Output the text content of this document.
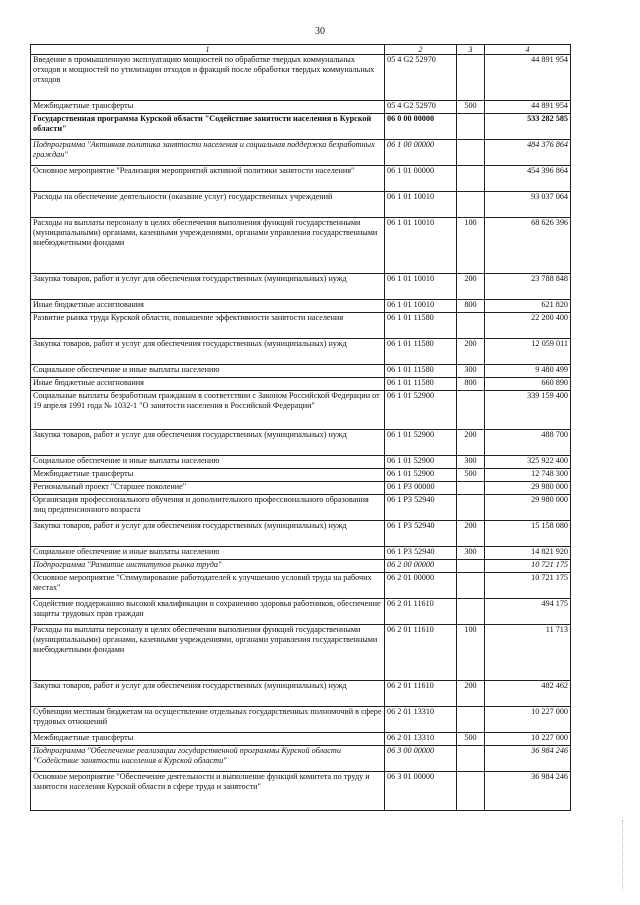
30
1	2	3	4
Введение в промышленную эксплуатацию мощностей по обработке твердых коммунальных отходов и мощностей по утилизации отходов и фракций после обработки твердых коммунальных отходов	05 4 G2 52970		44 891 954
Межбюджетные трансферты	05 4 G2 52970	500	44 891 954
Государственная программа Курской области "Содействие занятости населения в Курской области"	06 0 00 00000		533 282 585
Подпрограмма "Активная политика занятости населения и социальная поддержка безработных граждан"	06 1 00 00000		484 376 864
Основное мероприятие "Реализация мероприятий активной политики занятости населения"	06 1 01 00000		454 396 864
Расходы на обеспечение деятельности (оказание услуг) государственных учреждений	06 1 01 10010		93 037 064
Расходы на выплаты персоналу в целях обеспечения выполнения функций государственными (муниципальными) органами, казенными учреждениями, органами управления государственными внебюджетными фондами	06 1 01 10010	100	68 626 396
Закупка товаров, работ и услуг для обеспечения государственных (муниципальных) нужд	06 1 01 10010	200	23 788 848
Иные бюджетные ассигнования	06 1 01 10010	800	621 820
Развитие рынка труда Курской области, повышение эффективности занятости населения	06 1 01 11580		22 200 400
Закупка товаров, работ и услуг для обеспечения государственных (муниципальных) нужд	06 1 01 11580	200	12 059 011
Социальное обеспечение и иные выплаты населению	06 1 01 11580	300	9 480 499
Иные бюджетные ассигнования	06 1 01 11580	800	660 890
Социальные выплаты безработным гражданам в соответствии с Законом Российской Федерации от 19 апреля 1991 года № 1032-1 "О занятости населения в Российской Федерации"	06 1 01 52900		339 159 400
Закупка товаров, работ и услуг для обеспечения государственных (муниципальных) нужд	06 1 01 52900	200	488 700
Социальное обеспечение и иные выплаты населению	06 1 01 52900	300	325 922 400
Межбюджетные трансферты	06 1 01 52900	500	12 748 300
Региональный проект "Старшее поколение"	06 1 P3 00000		29 980 000
Организация профессионального обучения и дополнительного профессионального образования лиц предпенсионного возраста	06 1 P3 52940		29 980 000
Закупка товаров, работ и услуг для обеспечения государственных (муниципальных) нужд	06 1 P3 52940	200	15 158 080
Социальное обеспечение и иные выплаты населению	06 1 P3 52940	300	14 821 920
Подпрограмма "Развитие институтов рынка труда"	06 2 00 00000		10 721 175
Основное мероприятие "Стимулирование работодателей к улучшению условий труда на рабочих местах"	06 2 01 00000		10 721 175
Содействие поддержанию высокой квалификации и сохранению здоровья работников, обеспечение защиты трудовых прав граждан	06 2 01 11610		494 175
Расходы на выплаты персоналу в целях обеспечения выполнения функций государственными (муниципальными) органами, казенными учреждениями, органами управления государственными внебюджетными фондами	06 2 01 11610	100	11 713
Закупка товаров, работ и услуг для обеспечения государственных (муниципальных) нужд	06 2 01 11610	200	482 462
Субвенции местным бюджетам на осуществление отдельных государственных полномочий в сфере трудовых отношений	06 2 01 13310		10 227 000
Межбюджетные трансферты	06 2 01 13310	500	10 227 000
Подпрограмма "Обеспечение реализации государственной программы Курской области "Содействие занятости населения в Курской области"	06 3 00 00000		36 984 246
Основное мероприятие "Обеспечение деятельности и выполнение функций комитета по труду и занятости населения Курской области в сфере труда и занятости"	06 3 01 00000		36 984 246
